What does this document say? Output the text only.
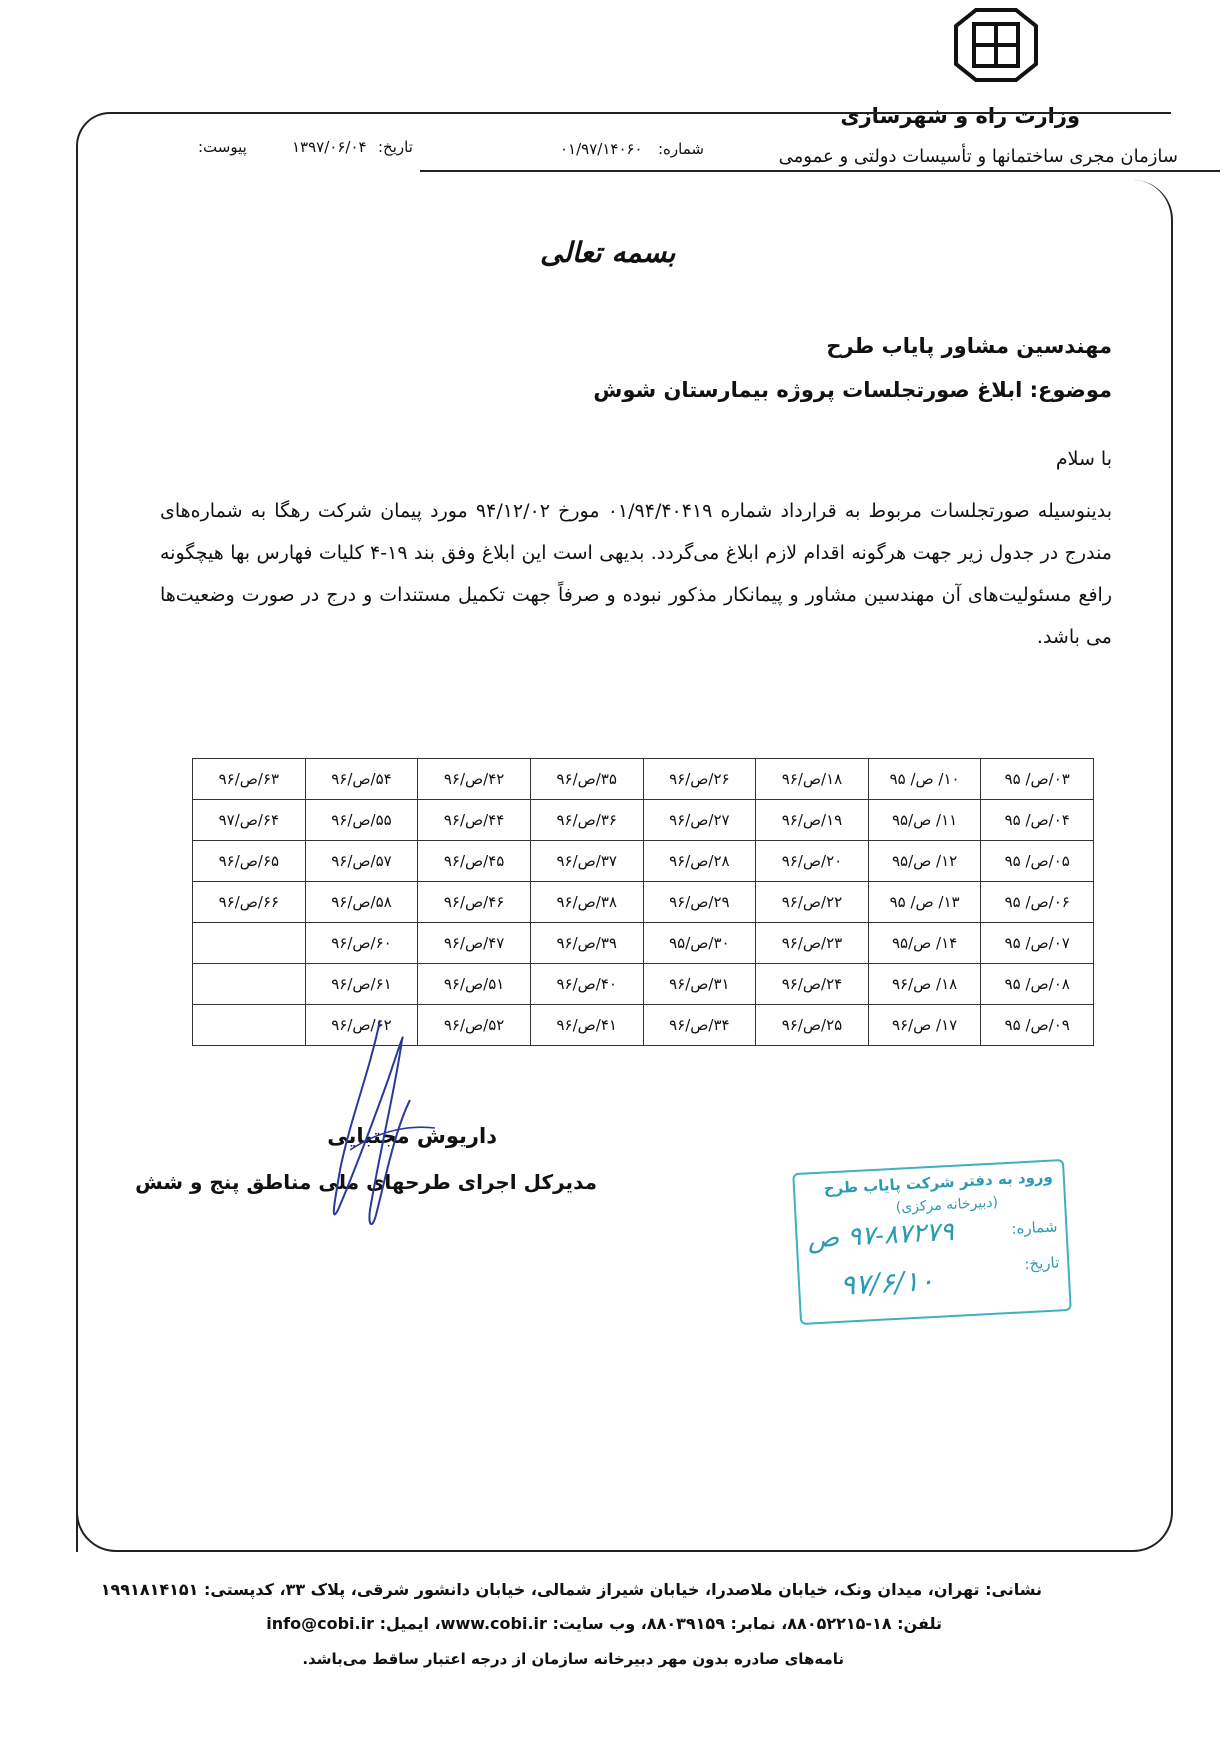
وزارت راه و شهرسازی
سازمان مجری ساختمانها و تأسیسات دولتی و عمومی
شماره:
۰۱/۹۷/۱۴۰۶۰
تاریخ:
۱۳۹۷/۰۶/۰۴
پیوست:
بسمه تعالی
مهندسین مشاور پایاب طرح
موضوع: ابلاغ صورتجلسات پروژه بیمارستان شوش
با سلام
بدینوسیله صورتجلسات مربوط به قرارداد شماره ۰۱/۹۴/۴۰۴۱۹ مورخ ۹۴/۱۲/۰۲ مورد پیمان شرکت رهگا به شماره‌های مندرج در جدول زیر جهت هرگونه اقدام لازم ابلاغ می‌گردد. بدیهی است این ابلاغ وفق بند ۱۹-۴ کلیات فهارس بها هیچگونه رافع مسئولیت‌های آن مهندسین مشاور و پیمانکار مذکور نبوده و صرفاً جهت تکمیل مستندات و درج در صورت وضعیت‌ها می باشد.
۰۳/ص/ ۹۵	۱۰/ ص/ ۹۵	۱۸/ص/۹۶	۲۶/ص/۹۶	۳۵/ص/۹۶	۴۲/ص/۹۶	۵۴/ص/۹۶	۶۳/ص/۹۶
۰۴/ص/ ۹۵	۱۱/ ص/۹۵	۱۹/ص/۹۶	۲۷/ص/۹۶	۳۶/ص/۹۶	۴۴/ص/۹۶	۵۵/ص/۹۶	۶۴/ص/۹۷
۰۵/ص/ ۹۵	۱۲/ ص/۹۵	۲۰/ص/۹۶	۲۸/ص/۹۶	۳۷/ص/۹۶	۴۵/ص/۹۶	۵۷/ص/۹۶	۶۵/ص/۹۶
۰۶/ص/ ۹۵	۱۳/ ص/ ۹۵	۲۲/ص/۹۶	۲۹/ص/۹۶	۳۸/ص/۹۶	۴۶/ص/۹۶	۵۸/ص/۹۶	۶۶/ص/۹۶
۰۷/ص/ ۹۵	۱۴/ ص/۹۵	۲۳/ص/۹۶	۳۰/ص/۹۵	۳۹/ص/۹۶	۴۷/ص/۹۶	۶۰/ص/۹۶	
۰۸/ص/ ۹۵	۱۸/ ص/۹۶	۲۴/ص/۹۶	۳۱/ص/۹۶	۴۰/ص/۹۶	۵۱/ص/۹۶	۶۱/ص/۹۶	
۰۹/ص/ ۹۵	۱۷/ ص/۹۶	۲۵/ص/۹۶	۳۴/ص/۹۶	۴۱/ص/۹۶	۵۲/ص/۹۶	۶۲/ص/۹۶	
داریوش مجتبایی
مدیرکل اجرای طرحهای ملی مناطق پنج و شش	ورود به دفتر شرکت پایاب طرح
(دبیرخانه مرکزی)
شماره:
تاریخ:
۹۷-۸۷۲۷۹ ص
۹۷/۶/۱۰
نشانی: تهران، میدان ونک، خیابان ملاصدرا، خیابان شیراز شمالی، خیابان دانشور شرقی، پلاک ۳۳، کدپستی: ۱۹۹۱۸۱۴۱۵۱
تلفن: ۱۸-۸۸۰۵۲۲۱۵، نمابر: ۸۸۰۳۹۱۵۹، وب سایت: www.cobi.ir، ایمیل: info@cobi.ir
نامه‌های صادره بدون مهر دبیرخانه سازمان از درجه اعتبار ساقط می‌باشد.
